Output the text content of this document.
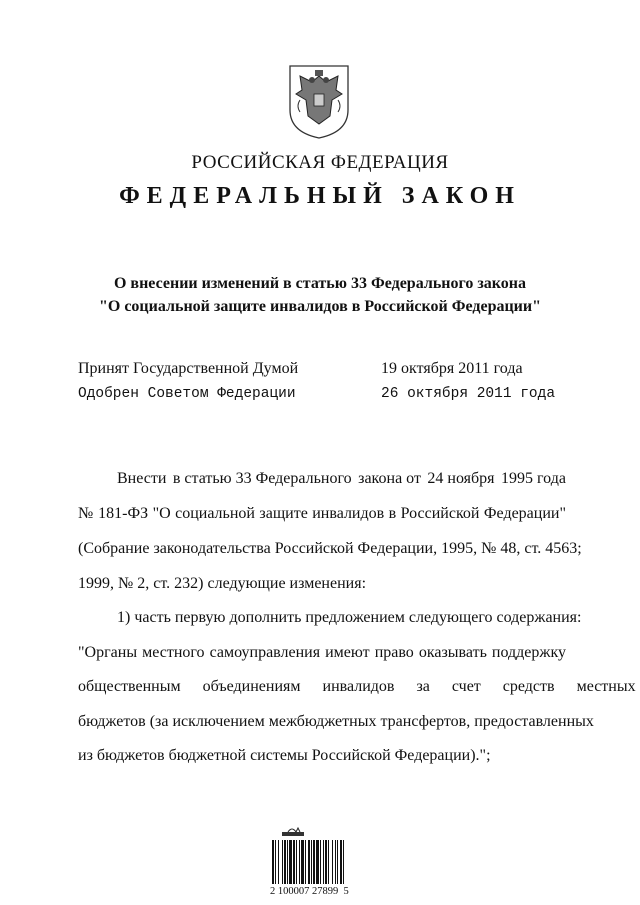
РОССИЙСКАЯ ФЕДЕРАЦИЯ
ФЕДЕРАЛЬНЫЙ ЗАКОН
О внесении изменений в статью 33 Федерального закона
"О социальной защите инвалидов в Российской Федерации"
Принят Государственной Думой	19 октября 2011 года
Одобрен Советом Федерации	26 октября 2011 года
Внести в статью 33 Федерального закона от 24 ноября 1995 года
№ 181-ФЗ "О социальной защите инвалидов в Российской Федерации"
(Собрание законодательства Российской Федерации, 1995, № 48, ст. 4563;
1999, № 2, ст. 232) следующие изменения:
1) часть первую дополнить предложением следующего содержания:
"Органы местного самоуправления имеют право оказывать поддержку
общественным объединениям инвалидов за счет средств местных
бюджетов (за исключением межбюджетных трансфертов, предоставленных
из бюджетов бюджетной системы Российской Федерации).";
2 100007 27899  5
